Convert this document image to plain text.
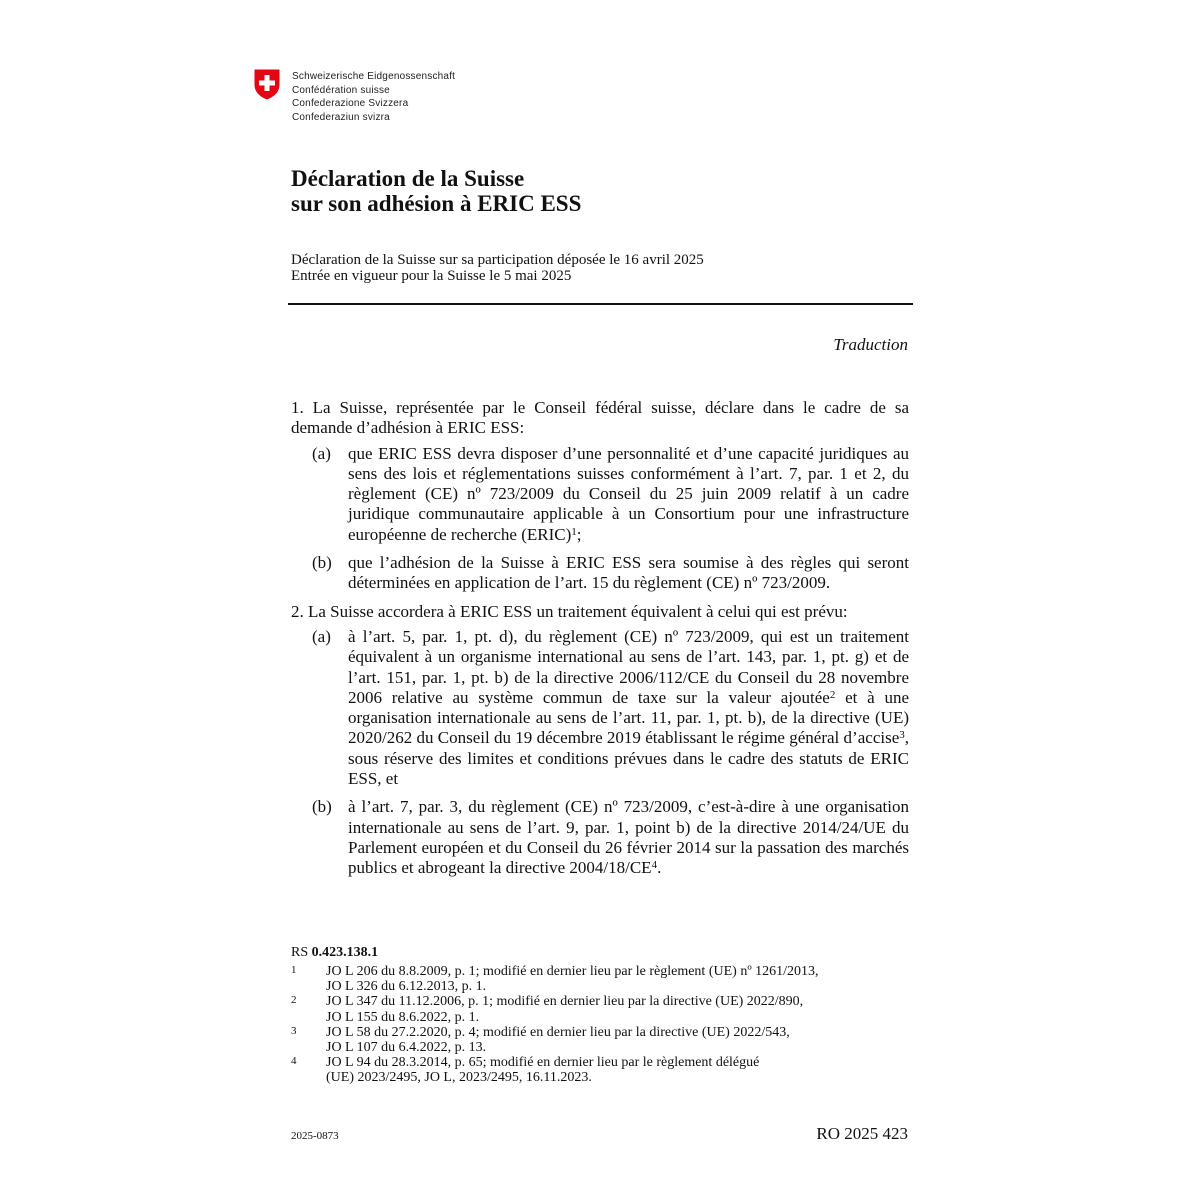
Schweizerische Eidgenossenschaft
Confédération suisse
Confederazione Svizzera
Confederaziun svizra
Déclaration de la Suisse
sur son adhésion à ERIC ESS
Déclaration de la Suisse sur sa participation déposée le 16 avril 2025
Entrée en vigueur pour la Suisse le 5 mai 2025
Traduction
1. La Suisse, représentée par le Conseil fédéral suisse, déclare dans le cadre de sa demande d’adhésion à ERIC ESS:
(a)	que ERIC ESS devra disposer d’une personnalité et d’une capacité juridiques au sens des lois et réglementations suisses conformément à l’art. 7, par. 1 et 2, du règlement (CE) nº 723/2009 du Conseil du 25 juin 2009 relatif à un cadre juridique communautaire applicable à un Consortium pour une infrastructure européenne de recherche (ERIC)$^1$;
(b) que l’adhésion de la Suisse à ERIC ESS sera soumise à des règles qui seront déterminées en application de l’art. 15 du règlement (CE) nº 723/2009.
2. La Suisse accordera à ERIC ESS un traitement équivalent à celui qui est prévu:
(a)	à l’art. 5, par. 1, pt. d), du règlement (CE) nº 723/2009, qui est un traitement équivalent à un organisme international au sens de l’art. 143, par. 1, pt. g) et de l’art. 151, par. 1, pt. b) de la directive 2006/112/CE du Conseil du 28 novembre 2006 relative au système commun de taxe sur la valeur ajoutée$^2$ et à une organisation internationale au sens de l’art. 11, par. 1, pt. b), de la directive (UE) 2020/262 du Conseil du 19 décembre 2019 établissant le régime général d’accise$^3$, sous réserve des limites et conditions prévues dans le cadre des statuts de ERIC ESS, et
(b) à l’art. 7, par. 3, du règlement (CE) nº 723/2009, c’est-à-dire à une organisation internationale au sens de l’art. 9, par. 1, point b) de la directive 2014/24/UE du Parlement européen et du Conseil du 26 février 2014 sur la passation des marchés publics et abrogeant la directive $2004/18/CE^4$.
RS 0.423.138.1
1	JO L 206 du 8.8.2009, p. 1; modifié en dernier lieu par le règlement (UE) nº 1261/2013,
JO L 326 du 6.12.2013, p. 1.
2	JO L 347 du 11.12.2006, p. 1; modifié en dernier lieu par la directive (UE) 2022/890,
JO L 155 du 8.6.2022, p. 1.
3	JO L 58 du 27.2.2020, p. 4; modifié en dernier lieu par la directive (UE) 2022/543,
JO L 107 du 6.4.2022, p. 13.
4	JO L 94 du 28.3.2014, p. 65; modifié en dernier lieu par le règlement délégué
(UE) 2023/2495, JO L, 2023/2495, 16.11.2023.
2025-0873	RO 2025 423
